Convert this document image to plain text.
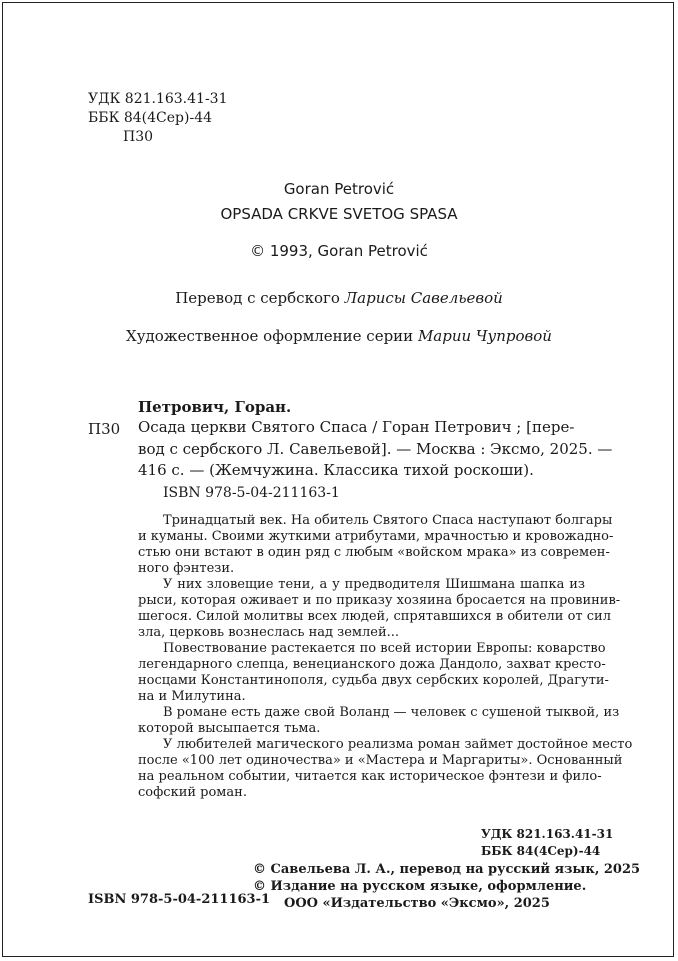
УДК 821.163.41-31
ББК 84(4Сер)-44
П30
Goran Petrović
OPSADA CRKVE SVETOG SPASA
© 1993, Goran Petrović
Перевод с сербского Ларисы Савельевой
Художественное оформление серии Марии Чупровой
Петрович, Горан.
П30 Осада церкви Святого Спаса / Горан Петрович ; [пере-
вод с сербского Л. Савельевой]. — Москва : Эксмо, 2025. —
416 с. — (Жемчужина. Классика тихой роскоши).
ISBN 978-5-04-211163-1
Тринадцатый век. На обитель Святого Спаса наступают болгары
и куманы. Своими жуткими атрибутами, мрачностью и кровожадно-
стью они встают в один ряд с любым «войском мрака» из современ-
ного фэнтези.
У них зловещие тени, а у предводителя Шишмана шапка из
рыси, которая оживает и по приказу хозяина бросается на провинив-
шегося. Силой молитвы всех людей, спрятавшихся в обители от сил
зла, церковь вознеслась над землей...
Повествование растекается по всей истории Европы: коварство
легендарного слепца, венецианского дожа Дандоло, захват кресто-
носцами Константинополя, судьба двух сербских королей, Драгути-
на и Милутина.
В романе есть даже свой Воланд — человек с сушеной тыквой, из
которой высыпается тьма.
У любителей магического реализма роман займет достойное место
после «100 лет одиночества» и «Мастера и Маргариты». Основанный
на реальном событии, читается как историческое фэнтези и фило-
софский роман.
УДК 821.163.41-31
ББК 84(4Сер)-44
© Савельева Л. А., перевод на русский язык, 2025
© Издание на русском языке, оформление.
ООО «Издательство «Эксмо», 2025
ISBN 978-5-04-211163-1
